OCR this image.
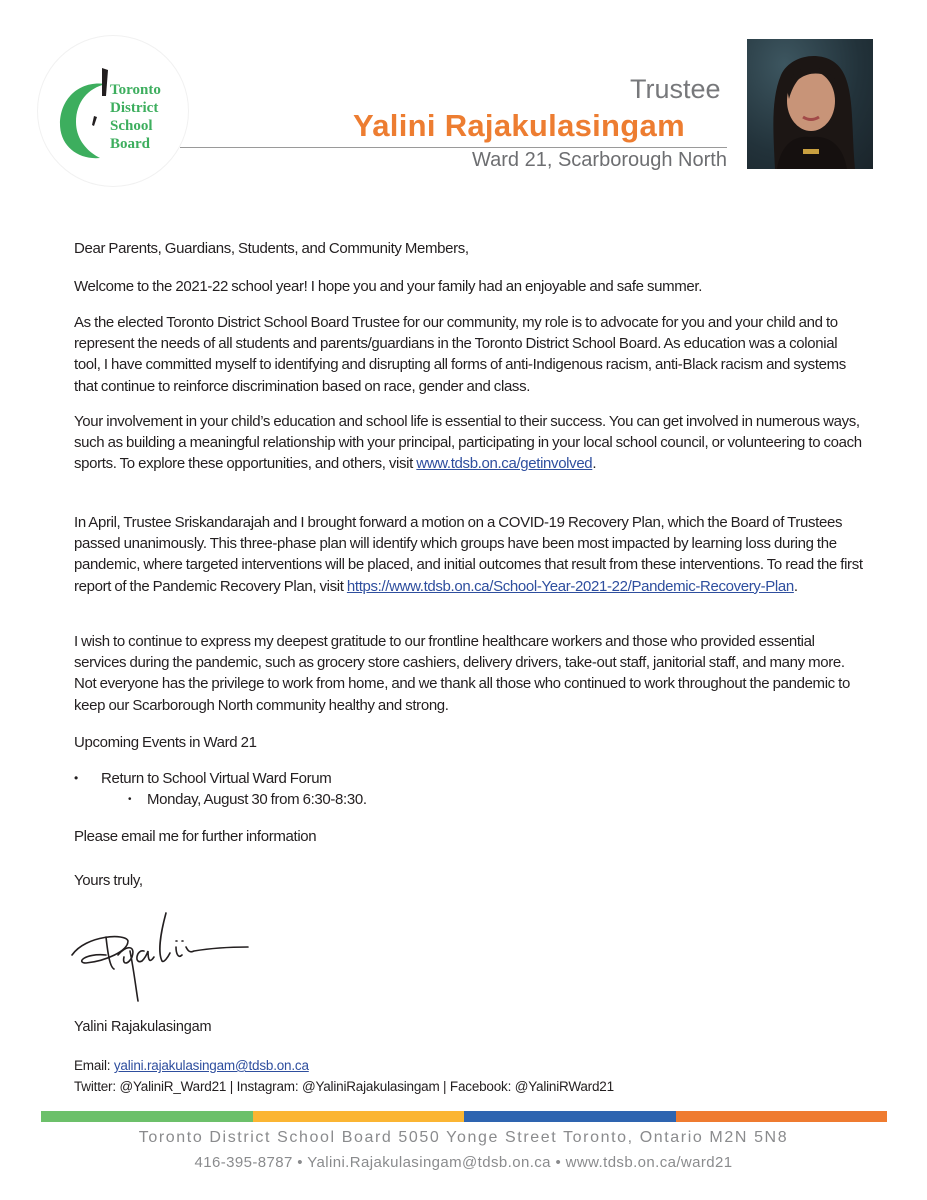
Toronto
District
School
Board
Trustee
Yalini Rajakulasingam
Ward 21, Scarborough North

Dear Parents, Guardians, Students, and Community Members,

Welcome to the 2021-22 school year! I hope you and your family had an enjoyable and safe summer.

As the elected Toronto District School Board Trustee for our community, my role is to advocate for you and your child and to represent the needs of all students and parents/guardians in the Toronto District School Board. As education was a colonial tool, I have committed myself to identifying and disrupting all forms of anti-Indigenous racism, anti-Black racism and systems that continue to reinforce discrimination based on race, gender and class.

Your involvement in your child’s education and school life is essential to their success. You can get involved in numerous ways, such as building a meaningful relationship with your principal, participating in your local school council, or volunteering to coach sports. To explore these opportunities, and others, visit www.tdsb.on.ca/getinvolved.

In April, Trustee Sriskandarajah and I brought forward a motion on a COVID-19 Recovery Plan, which the Board of Trustees passed unanimously. This three-phase plan will identify which groups have been most impacted by learning loss during the pandemic, where targeted interventions will be placed, and initial outcomes that result from these interventions. To read the first report of the Pandemic Recovery Plan, visit https://www.tdsb.on.ca/School-Year-2021-22/Pandemic-Recovery-Plan.

I wish to continue to express my deepest gratitude to our frontline healthcare workers and those who provided essential services during the pandemic, such as grocery store cashiers, delivery drivers, take-out staff, janitorial staff, and many more. Not everyone has the privilege to work from home, and we thank all those who continued to work throughout the pandemic to keep our Scarborough North community healthy and strong.

Upcoming Events in Ward 21

• Return to School Virtual Ward Forum
• Monday, August 30 from 6:30-8:30.

Please email me for further information

Yours truly,

Yalini Rajakulasingam
Email: yalini.rajakulasingam@tdsb.on.ca
Twitter: @YaliniR_Ward21 | Instagram: @YaliniRajakulasingam | Facebook: @YaliniRWard21
Toronto District School Board 5050 Yonge Street Toronto, Ontario M2N 5N8
416-395-8787 • Yalini.Rajakulasingam@tdsb.on.ca • www.tdsb.on.ca/ward21
